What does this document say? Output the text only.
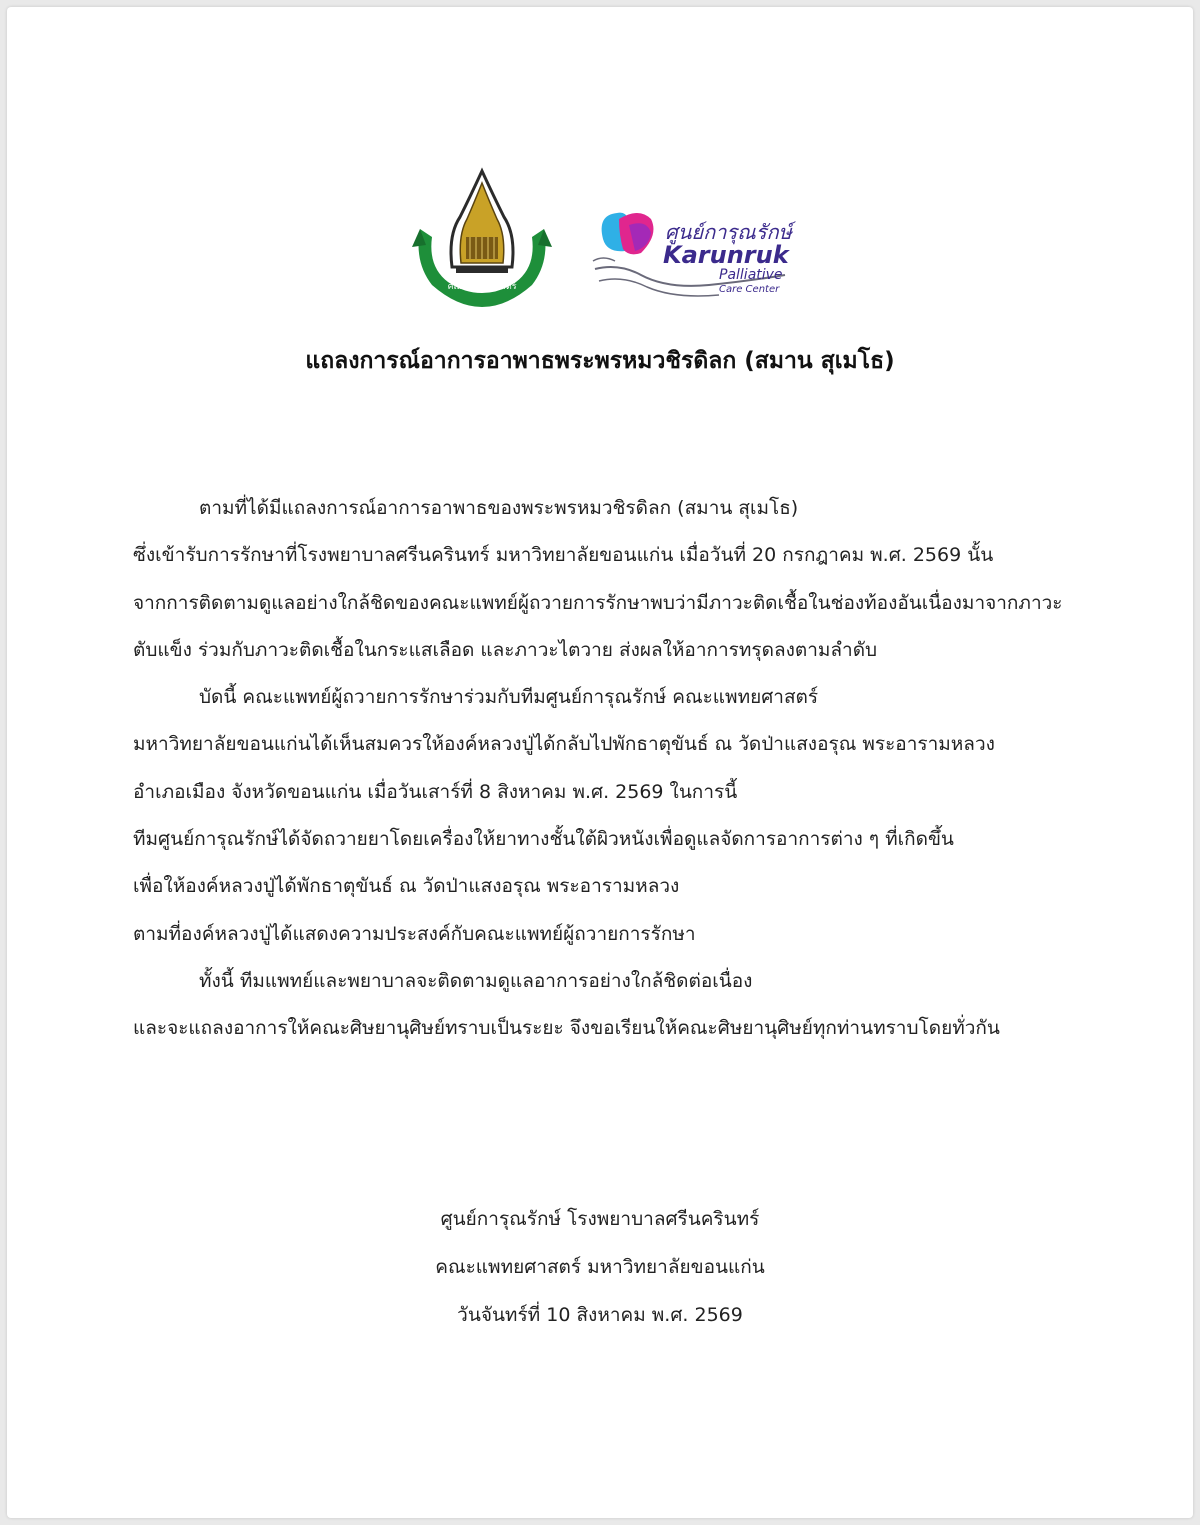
คณะแพทยศาสตร์
ศูนย์การุณรักษ์
Karunruk
Palliative
Care Center
แถลงการณ์อาการอาพาธพระพรหมวชิรดิลก (สมาน สุเมโธ)
ตามที่ได้มีแถลงการณ์อาการอาพาธของพระพรหมวชิรดิลก (สมาน สุเมโธ)
ซึ่งเข้ารับการรักษาที่โรงพยาบาลศรีนครินทร์ มหาวิทยาลัยขอนแก่น เมื่อวันที่ 20 กรกฎาคม พ.ศ. 2569 นั้น
จากการติดตามดูแลอย่างใกล้ชิดของคณะแพทย์ผู้ถวายการรักษาพบว่ามีภาวะติดเชื้อในช่องท้องอันเนื่องมาจากภาวะ
ตับแข็ง ร่วมกับภาวะติดเชื้อในกระแสเลือด และภาวะไตวาย ส่งผลให้อาการทรุดลงตามลำดับ
บัดนี้ คณะแพทย์ผู้ถวายการรักษาร่วมกับทีมศูนย์การุณรักษ์ คณะแพทยศาสตร์
มหาวิทยาลัยขอนแก่นได้เห็นสมควรให้องค์หลวงปู่ได้กลับไปพักธาตุขันธ์ ณ วัดป่าแสงอรุณ พระอารามหลวง
อำเภอเมือง จังหวัดขอนแก่น เมื่อวันเสาร์ที่ 8 สิงหาคม พ.ศ. 2569 ในการนี้
ทีมศูนย์การุณรักษ์ได้จัดถวายยาโดยเครื่องให้ยาทางชั้นใต้ผิวหนังเพื่อดูแลจัดการอาการต่าง ๆ ที่เกิดขึ้น
เพื่อให้องค์หลวงปู่ได้พักธาตุขันธ์ ณ วัดป่าแสงอรุณ พระอารามหลวง
ตามที่องค์หลวงปู่ได้แสดงความประสงค์กับคณะแพทย์ผู้ถวายการรักษา
ทั้งนี้ ทีมแพทย์และพยาบาลจะติดตามดูแลอาการอย่างใกล้ชิดต่อเนื่อง
และจะแถลงอาการให้คณะศิษยานุศิษย์ทราบเป็นระยะ จึงขอเรียนให้คณะศิษยานุศิษย์ทุกท่านทราบโดยทั่วกัน
ศูนย์การุณรักษ์ โรงพยาบาลศรีนครินทร์
คณะแพทยศาสตร์ มหาวิทยาลัยขอนแก่น
วันจันทร์ที่ 10 สิงหาคม พ.ศ. 2569
